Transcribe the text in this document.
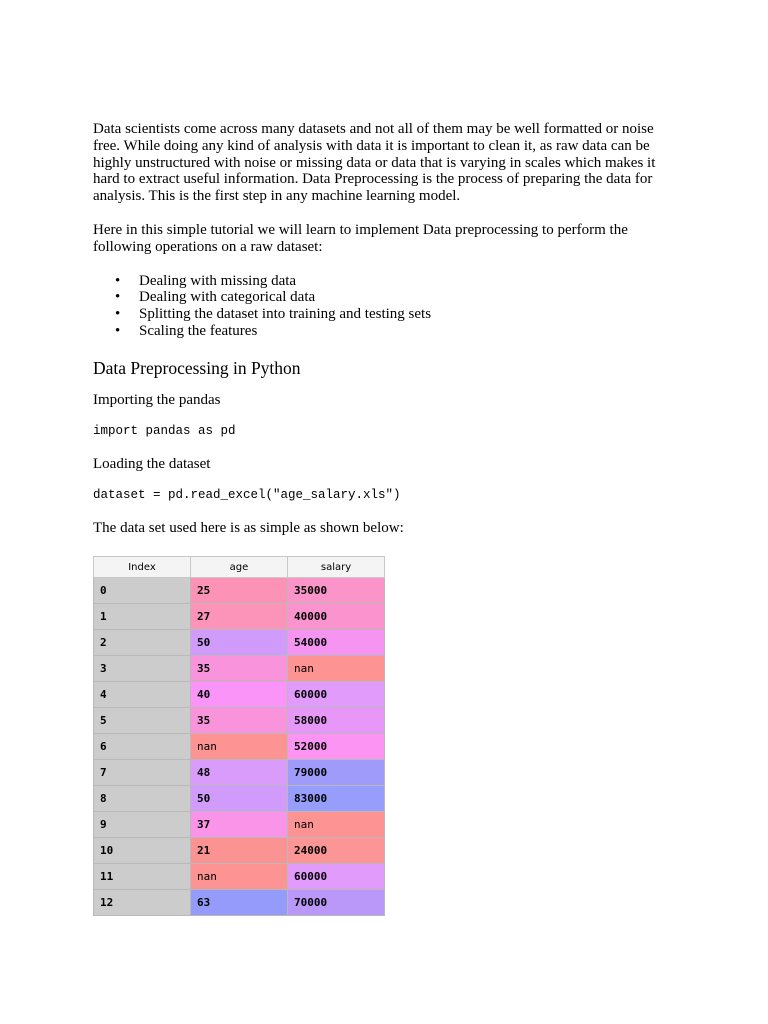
Data scientists come across many datasets and not all of them may be well formatted or noise free. While doing any kind of analysis with data it is important to clean it, as raw data can be highly unstructured with noise or missing data or data that is varying in scales which makes it hard to extract useful information. Data Preprocessing is the process of preparing the data for analysis. This is the first step in any machine learning model.

Here in this simple tutorial we will learn to implement Data preprocessing to perform the following operations on a raw dataset:

• Dealing with missing data
• Dealing with categorical data
• Splitting the dataset into training and testing sets
• Scaling the features
Data Preprocessing in Python
Importing the pandas
import pandas as pd
Loading the dataset
dataset = pd.read_excel("age_salary.xls")

The data set used here is as simple as shown below:

Index	age	salary
0	25	35000
1	27	40000
2	50	54000
3	35	nan
4	40	60000
5	35	58000
6	nan	52000
7	48	79000
8	50	83000
9	37	nan
10	21	24000
11	nan	60000
12	63	70000
